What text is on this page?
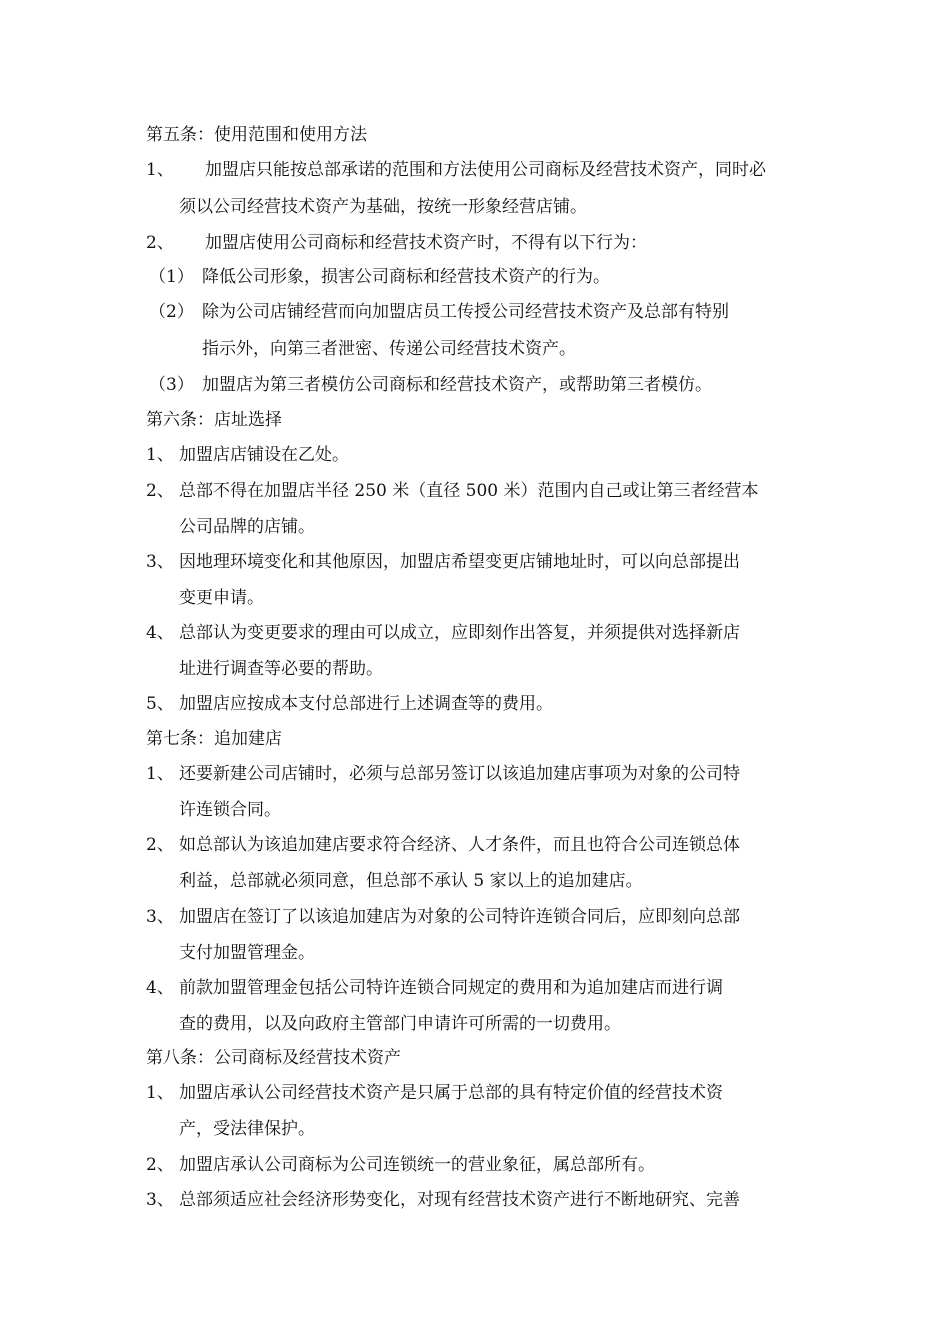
第五条：使用范围和使用方法
1、 加盟店只能按总部承诺的范围和方法使用公司商标及经营技术资产，同时必
须以公司经营技术资产为基础，按统一形象经营店铺。
2、 加盟店使用公司商标和经营技术资产时，不得有以下行为：
（1） 降低公司形象，损害公司商标和经营技术资产的行为。
（2） 除为公司店铺经营而向加盟店员工传授公司经营技术资产及总部有特别
指示外，向第三者泄密、传递公司经营技术资产。
（3） 加盟店为第三者模仿公司商标和经营技术资产，或帮助第三者模仿。
第六条：店址选择
1、 加盟店店铺设在乙处。
2、 总部不得在加盟店半径 250 米（直径 500 米）范围内自己或让第三者经营本
公司品牌的店铺。
3、 因地理环境变化和其他原因，加盟店希望变更店铺地址时，可以向总部提出
变更申请。
4、 总部认为变更要求的理由可以成立，应即刻作出答复，并须提供对选择新店
址进行调查等必要的帮助。
5、 加盟店应按成本支付总部进行上述调查等的费用。
第七条：追加建店
1、 还要新建公司店铺时，必须与总部另签订以该追加建店事项为对象的公司特
许连锁合同。
2、 如总部认为该追加建店要求符合经济、人才条件，而且也符合公司连锁总体
利益，总部就必须同意，但总部不承认 5 家以上的追加建店。
3、 加盟店在签订了以该追加建店为对象的公司特许连锁合同后，应即刻向总部
支付加盟管理金。
4、 前款加盟管理金包括公司特许连锁合同规定的费用和为追加建店而进行调
查的费用，以及向政府主管部门申请许可所需的一切费用。
第八条：公司商标及经营技术资产
1、 加盟店承认公司经营技术资产是只属于总部的具有特定价值的经营技术资
产，受法律保护。
2、 加盟店承认公司商标为公司连锁统一的营业象征，属总部所有。
3、 总部须适应社会经济形势变化，对现有经营技术资产进行不断地研究、完善
